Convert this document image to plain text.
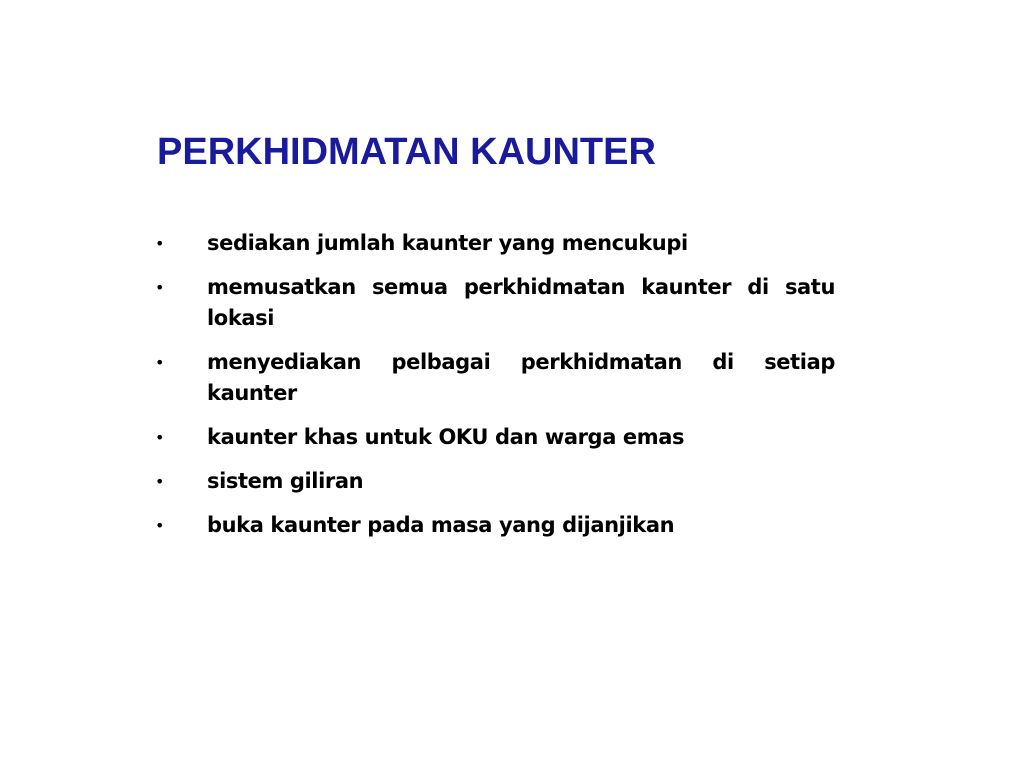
PERKHIDMATAN KAUNTER
•	sediakan jumlah kaunter yang mencukupi
•	memusatkan semua perkhidmatan kaunter di satu lokasi
•	menyediakan pelbagai perkhidmatan di setiap kaunter
•	kaunter khas untuk OKU dan warga emas
•	sistem giliran
•	buka kaunter pada masa yang dijanjikan
